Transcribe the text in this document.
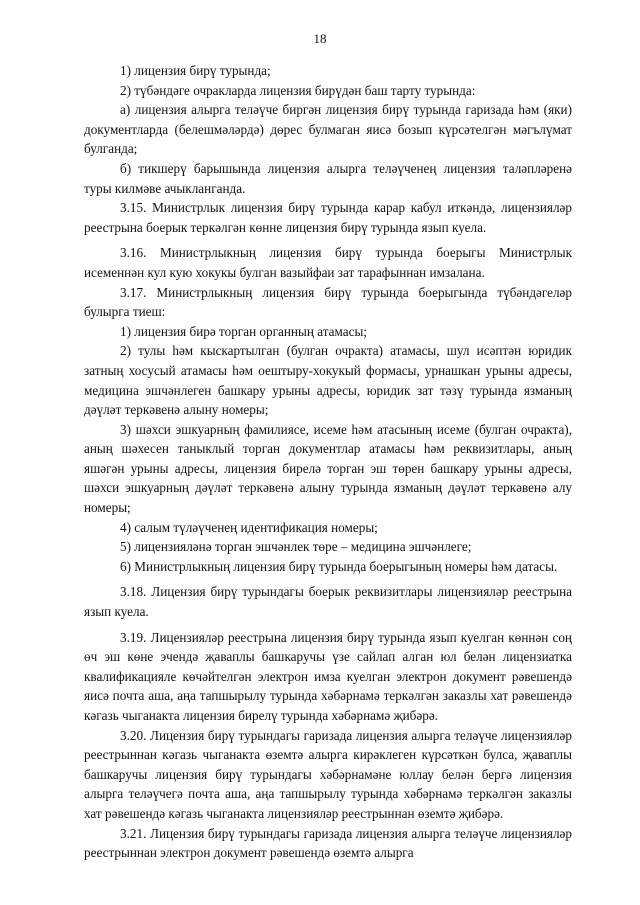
18

1) лицензия бирү турында;

2) түбәндәге очракларда лицензия бирүдән баш тарту турында:

а) лицензия алырга теләүче биргән лицензия бирү турында гаризада һәм (яки) документларда (белешмәләрдә) дөрес булмаган яисә бозып күрсәтелгән мәгълүмат булганда;

б) тикшерү барышында лицензия алырга теләүченең лицензия таләпләренә туры килмәве ачыкланганда.

3.15. Министрлык лицензия бирү турында карар кабул иткәндә, лицензияләр реестрына боерык теркәлгән көнне лицензия бирү турында язып куела.

3.16. Министрлыкның лицензия бирү турында боерыгы Министрлык исеменнән кул кую хокукы булган вазыйфаи зат тарафыннан имзалана.

3.17. Министрлыкның лицензия бирү турында боерыгында түбәндәгеләр булырга тиеш:

1) лицензия бирә торган органның атамасы;

2) тулы һәм кыскартылган (булган очракта) атамасы, шул исәптән юридик затның хосусый атамасы һәм оештыру-хокукый формасы, урнашкан урыны адресы, медицина эшчәнлеген башкару урыны адресы, юридик зат тәзү турында язманың дәүләт теркәвенә алыну номеры;

3) шәхси эшкуарның фамилиясе, исеме һәм атасының исеме (булган очракта), аның шәхесен таныклый торган документлар атамасы һәм реквизитлары, аның яшәгән урыны адресы, лицензия бирелә торган эш төрен башкару урыны адресы, шәхси эшкуарның дәүләт теркәвенә алыну турында язманың дәүләт теркәвенә алу номеры;

4) салым түләүченең идентификация номеры;

5) лицензияләнә торган эшчәнлек төре – медицина эшчәнлеге;

6) Министрлыкның лицензия бирү турында боерыгының номеры һәм датасы.

3.18. Лицензия бирү турындагы боерык реквизитлары лицензияләр реестрына язып куела.

3.19. Лицензияләр реестрына лицензия бирү турында язып куелган көннән соң өч эш көне эчендә җаваплы башкаручы үзе сайлап алган юл белән лицензиатка квалификацияле көчәйтелгән электрон имза куелган электрон документ рәвешендә яисә почта аша, аңа тапшырылу турында хәбәрнамә теркәлгән заказлы хат рәвешендә кәгазь чыганакта лицензия бирелү турында хәбәрнамә җибәрә.

3.20. Лицензия бирү турындагы гаризада лицензия алырга теләүче лицензияләр реестрыннан кәгазь чыганакта өземтә алырга кирәклеген күрсәткән булса, җаваплы башкаручы лицензия бирү турындагы хәбәрнамәне юллау белән бергә лицензия алырга теләүчегә почта аша, аңа тапшырылу турында хәбәрнамә теркәлгән заказлы хат рәвешендә кәгазь чыганакта лицензияләр реестрыннан өземтә җибәрә.

3.21. Лицензия бирү турындагы гаризада лицензия алырга теләүче лицензияләр реестрыннан электрон документ рәвешендә өземтә алырга
